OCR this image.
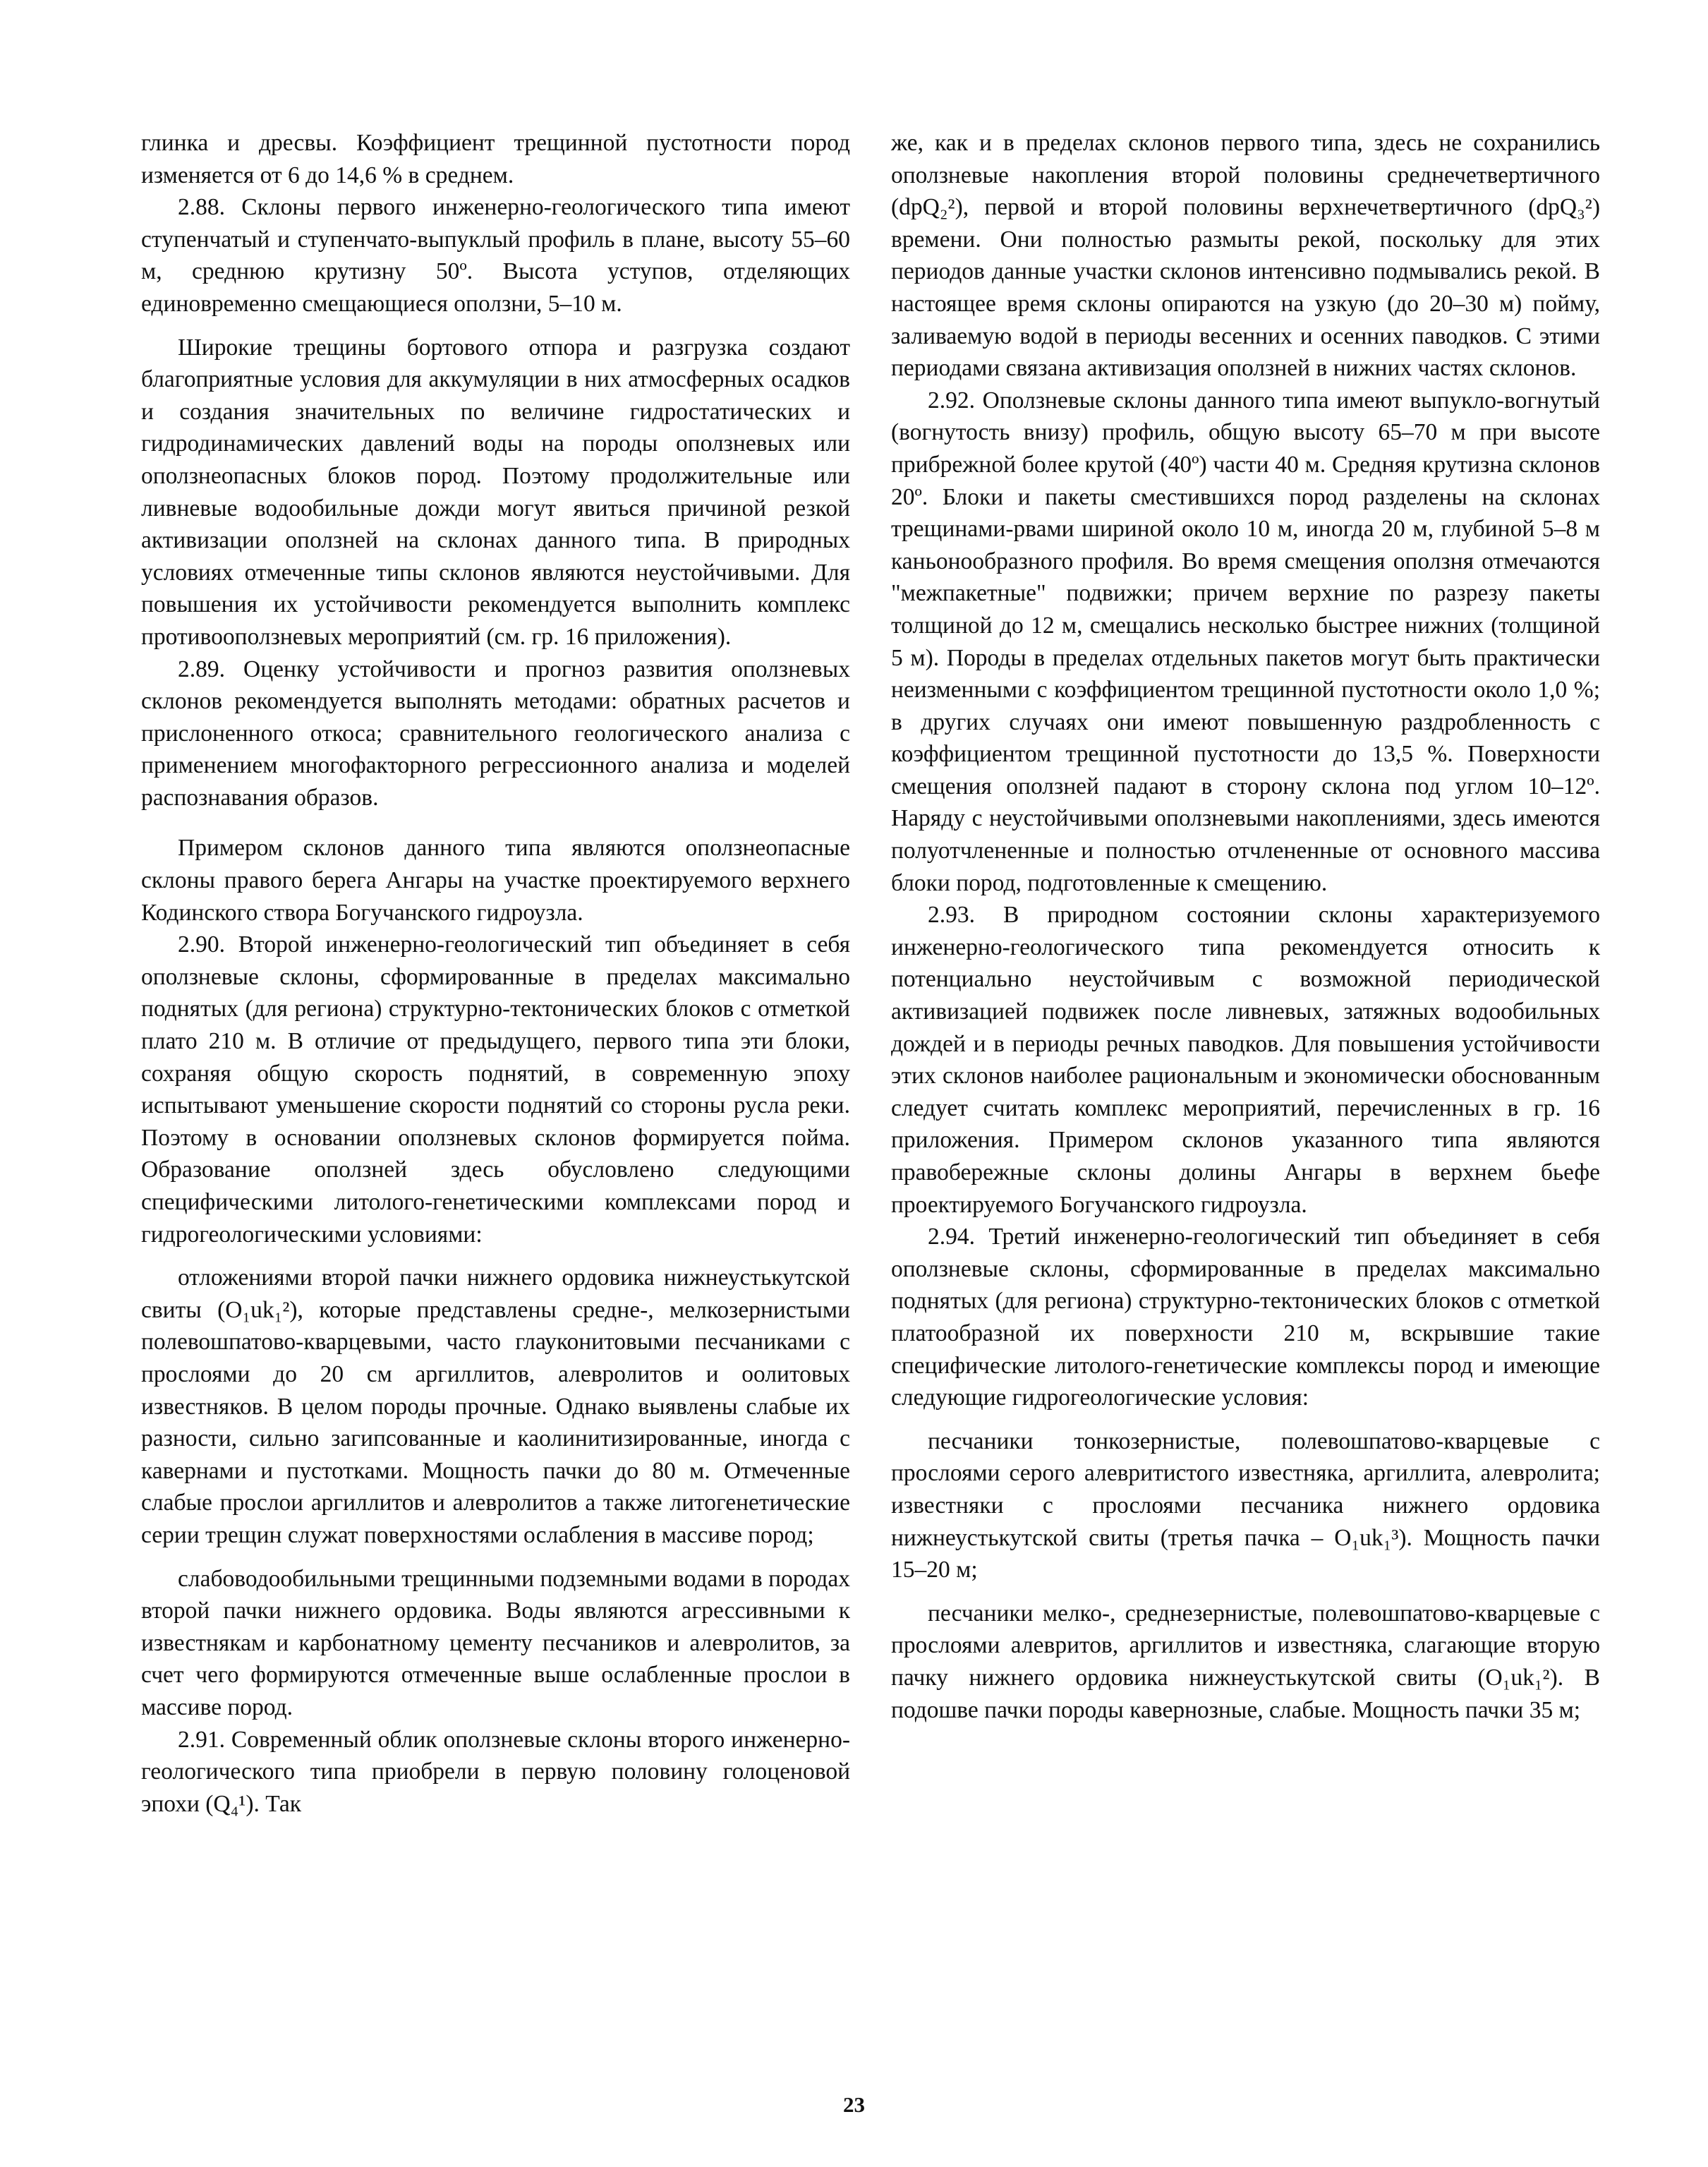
глинка и дресвы. Коэффициент трещинной пустотности пород изменяется от 6 до 14,6 % в среднем.

2.88. Склоны первого инженерно-геологического типа имеют ступенчатый и ступенчато-выпуклый профиль в плане, высоту 55–60 м, среднюю крутизну 50º. Высота уступов, отделяющих единовременно смещающиеся оползни, 5–10 м.

Широкие трещины бортового отпора и разгрузка создают благоприятные условия для аккумуляции в них атмосферных осадков и создания значительных по величине гидростатических и гидродинамических давлений воды на породы оползневых или оползнеопасных блоков пород. Поэтому продолжительные или ливневые водообильные дожди могут явиться причиной резкой активизации оползней на склонах данного типа. В природных условиях отмеченные типы склонов являются неустойчивыми. Для повышения их устойчивости рекомендуется выполнить комплекс противооползневых мероприятий (см. гр. 16 приложения).

2.89. Оценку устойчивости и прогноз развития оползневых склонов рекомендуется выполнять методами: обратных расчетов и прислоненного откоса; сравнительного геологического анализа с применением многофакторного регрессионного анализа и моделей распознавания образов.

Примером склонов данного типа являются оползнеопасные склоны правого берега Ангары на участке проектируемого верхнего Кодинского створа Богучанского гидроузла.

2.90. Второй инженерно-геологический тип объединяет в себя оползневые склоны, сформированные в пределах максимально поднятых (для региона) структурно-тектонических блоков с отметкой плато 210 м. В отличие от предыдущего, первого типа эти блоки, сохраняя общую скорость поднятий, в современную эпоху испытывают уменьшение скорости поднятий со стороны русла реки. Поэтому в основании оползневых склонов формируется пойма. Образование оползней здесь обусловлено следующими специфическими литолого-генетическими комплексами пород и гидрогеологическими условиями:

отложениями второй пачки нижнего ордовика нижнеустькутской свиты (O₁uk₁²), которые представлены средне-, мелкозернистыми полевошпатово-кварцевыми, часто глауконитовыми песчаниками с прослоями до 20 см аргиллитов, алевролитов и оолитовых известняков. В целом породы прочные. Однако выявлены слабые их разности, сильно загипсованные и каолинитизированные, иногда с кавернами и пустотками. Мощность пачки до 80 м. Отмеченные слабые прослои аргиллитов и алевролитов а также литогенетические серии трещин служат поверхностями ослабления в массиве пород;

слабоводообильными трещинными подземными водами в породах второй пачки нижнего ордовика. Воды являются агрессивными к известнякам и карбонатному цементу песчаников и алевролитов, за счет чего формируются отмеченные выше ослабленные прослои в массиве пород.

2.91. Современный облик оползневые склоны второго инженерно-геологического типа приобрели в первую половину голоценовой эпохи (Q₄¹). Так

же, как и в пределах склонов первого типа, здесь не сохранились оползневые накопления второй половины среднечетвертичного (dpQ₂²), первой и второй половины верхнечетвертичного (dpQ₃²) времени. Они полностью размыты рекой, поскольку для этих периодов данные участки склонов интенсивно подмывались рекой. В настоящее время склоны опираются на узкую (до 20–30 м) пойму, заливаемую водой в периоды весенних и осенних паводков. С этими периодами связана активизация оползней в нижних частях склонов.

2.92. Оползневые склоны данного типа имеют выпукло-вогнутый (вогнутость внизу) профиль, общую высоту 65–70 м при высоте прибрежной более крутой (40º) части 40 м. Средняя крутизна склонов 20º. Блоки и пакеты сместившихся пород разделены на склонах трещинами-рвами шириной около 10 м, иногда 20 м, глубиной 5–8 м каньонообразного профиля. Во время смещения оползня отмечаются "межпакетные" подвижки; причем верхние по разрезу пакеты толщиной до 12 м, смещались несколько быстрее нижних (толщиной 5 м). Породы в пределах отдельных пакетов могут быть практически неизменными с коэффициентом трещинной пустотности около 1,0 %; в других случаях они имеют повышенную раздробленность с коэффициентом трещинной пустотности до 13,5 %. Поверхности смещения оползней падают в сторону склона под углом 10–12º. Наряду с неустойчивыми оползневыми накоплениями, здесь имеются полуотчлененные и полностью отчлененные от основного массива блоки пород, подготовленные к смещению.

2.93. В природном состоянии склоны характеризуемого инженерно-геологического типа рекомендуется относить к потенциально неустойчивым с возможной периодической активизацией подвижек после ливневых, затяжных водообильных дождей и в периоды речных паводков. Для повышения устойчивости этих склонов наиболее рациональным и экономически обоснованным следует считать комплекс мероприятий, перечисленных в гр. 16 приложения. Примером склонов указанного типа являются правобережные склоны долины Ангары в верхнем бьефе проектируемого Богучанского гидроузла.

2.94. Третий инженерно-геологический тип объединяет в себя оползневые склоны, сформированные в пределах максимально поднятых (для региона) структурно-тектонических блоков с отметкой платообразной их поверхности 210 м, вскрывшие такие специфические литолого-генетические комплексы пород и имеющие следующие гидрогеологические условия:

песчаники тонкозернистые, полевошпатово-кварцевые с прослоями серого алевритистого известняка, аргиллита, алевролита; известняки с прослоями песчаника нижнего ордовика нижнеустькутской свиты (третья пачка – O₁uk₁³). Мощность пачки 15–20 м;

песчаники мелко-, среднезернистые, полевошпатово-кварцевые с прослоями алевритов, аргиллитов и известняка, слагающие вторую пачку нижнего ордовика нижнеустькутской свиты (O₁uk₁²). В подошве пачки породы кавернозные, слабые. Мощность пачки 35 м;

23
